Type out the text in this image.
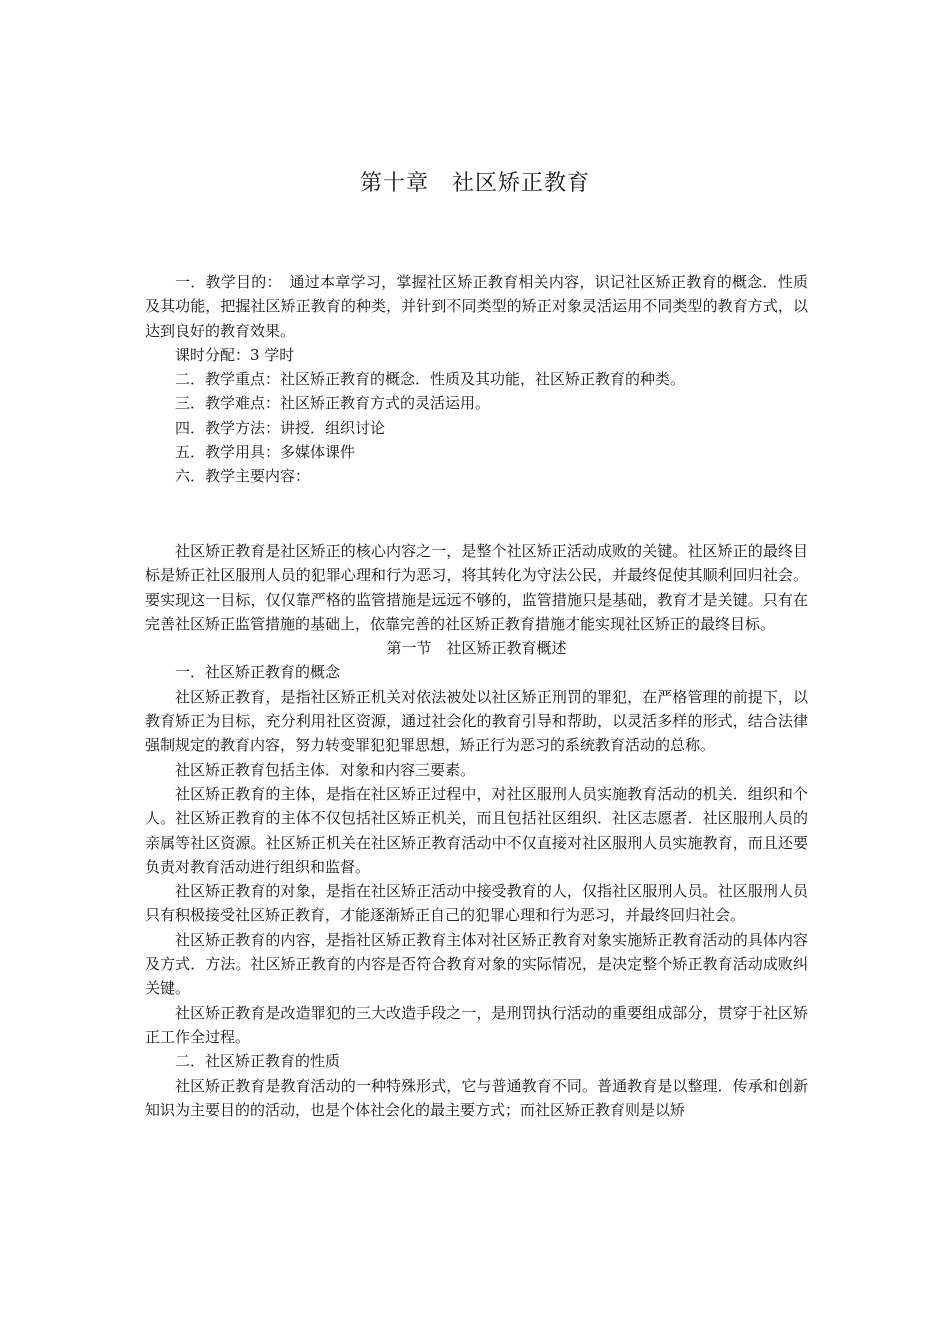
第十章　社区矫正教育

一．教学目的：　通过本章学习，掌握社区矫正教育相关内容，识记社区矫正教育的概念．性质及其功能，把握社区矫正教育的种类，并针到不同类型的矫正对象灵活运用不同类型的教育方式，以达到良好的教育效果。

课时分配：3 学时

二．教学重点：社区矫正教育的概念．性质及其功能，社区矫正教育的种类。

三．教学难点：社区矫正教育方式的灵活运用。

四．教学方法：讲授．组织讨论

五．教学用具：多媒体课件

六．教学主要内容：

社区矫正教育是社区矫正的核心内容之一，是整个社区矫正活动成败的关键。社区矫正的最终目标是矫正社区服刑人员的犯罪心理和行为恶习，将其转化为守法公民，并最终促使其顺利回归社会。要实现这一目标，仅仅靠严格的监管措施是远远不够的，监管措施只是基础，教育才是关键。只有在完善社区矫正监管措施的基础上，依靠完善的社区矫正教育措施才能实现社区矫正的最终目标。

第一节　社区矫正教育概述

一．社区矫正教育的概念

社区矫正教育，是指社区矫正机关对依法被处以社区矫正刑罚的罪犯，在严格管理的前提下，以教育矫正为目标，充分利用社区资源，通过社会化的教育引导和帮助，以灵活多样的形式，结合法律强制规定的教育内容，努力转变罪犯犯罪思想，矫正行为恶习的系统教育活动的总称。

社区矫正教育包括主体．对象和内容三要素。

社区矫正教育的主体，是指在社区矫正过程中，对社区服刑人员实施教育活动的机关．组织和个人。社区矫正教育的主体不仅包括社区矫正机关，而且包括社区组织．社区志愿者．社区服刑人员的亲属等社区资源。社区矫正机关在社区矫正教育活动中不仅直接对社区服刑人员实施教育，而且还要负责对教育活动进行组织和监督。

社区矫正教育的对象，是指在社区矫正活动中接受教育的人，仅指社区服刑人员。社区服刑人员只有积极接受社区矫正教育，才能逐渐矫正自己的犯罪心理和行为恶习，并最终回归社会。

社区矫正教育的内容，是指社区矫正教育主体对社区矫正教育对象实施矫正教育活动的具体内容及方式．方法。社区矫正教育的内容是否符合教育对象的实际情况，是决定整个矫正教育活动成败纠关键。

社区矫正教育是改造罪犯的三大改造手段之一，是刑罚执行活动的重要组成部分，贯穿于社区矫正工作全过程。

二．社区矫正教育的性质

社区矫正教育是教育活动的一种特殊形式，它与普通教育不同。普通教育是以整理．传承和创新知识为主要目的的活动，也是个体社会化的最主要方式；而社区矫正教育则是以矫
